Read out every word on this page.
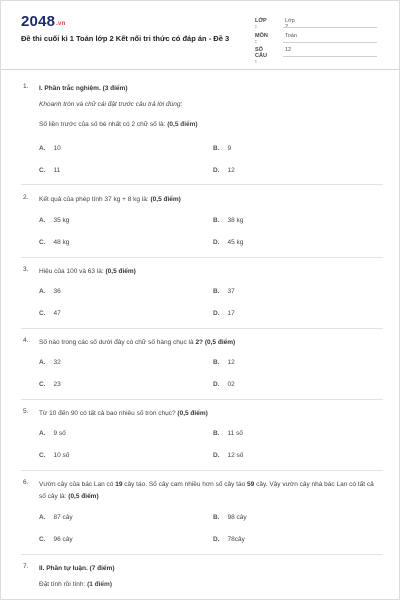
2048.vn
Đề thi cuối kì 1 Toán lớp 2 Kết nối tri thức có đáp án - Đề 3
LỚP :
Lớp
MÔN :
Toán
SỐ CÂU :
12
1. I. Phần trắc nghiệm. (3 điểm)
Khoanh tròn và chữ cái đặt trước câu trả lời đúng:
Số liền trước của số bé nhất có 2 chữ số là: (0,5 điểm)
A. 10	B. 9
C. 11	D. 12
2. Kết quả của phép tính 37 kg + 8 kg là: (0,5 điểm)
A. 35 kg	B. 38 kg
C. 48 kg	D. 45 kg
3. Hiệu của 100 và 63 là: (0,5 điểm)
A. 36	B. 37
C. 47	D. 17
4. Số nào trong các số dưới đây có chữ số hàng chục là 2? (0,5 điểm)
A. 32	B. 12
C. 23	D. 02
5. Từ 10 đến 90 có tất cả bao nhiêu số tròn chục? (0,5 điểm)
A. 9 số	B. 11 số
C. 10 số	D. 12 số
6. Vườn cây của bác Lan có 19 cây táo. Số cây cam nhiều hơn số cây táo 59 cây. Vậy vườn cây nhà bác Lan có tất cả số cây là: (0,5 điểm)
A. 87 cây	B. 98 cây
C. 96 cây	D. 78cây
7. II. Phần tự luận. (7 điểm)
Đặt tính rồi tính: (1 điểm)
